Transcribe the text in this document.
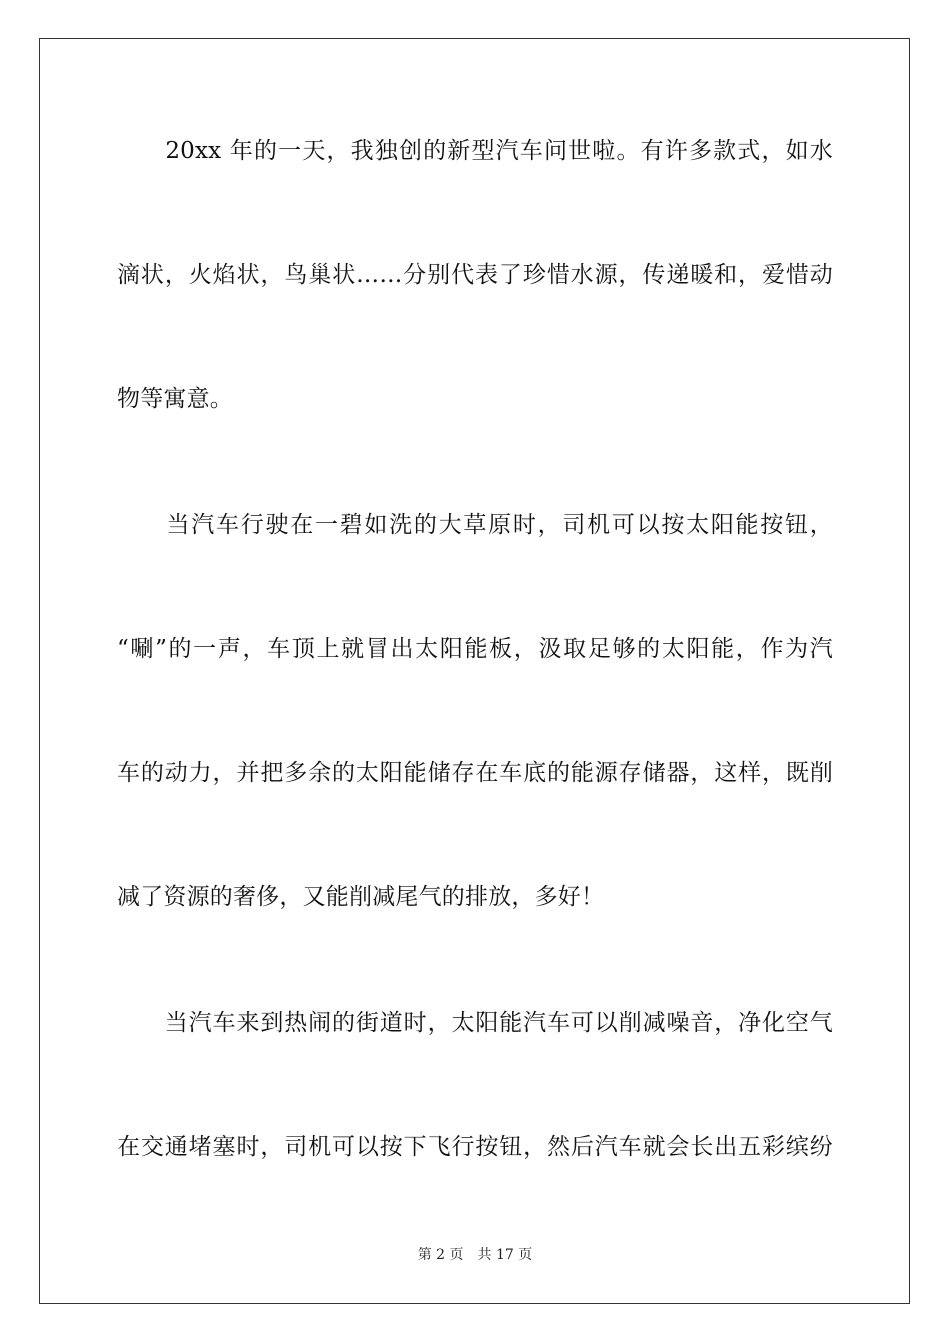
　　20xx 年的一天，我独创的新型汽车问世啦。有许多款式，如水
滴状，火焰状，鸟巢状……分别代表了珍惜水源，传递暖和，爱惜动
物等寓意。
　　当汽车行驶在一碧如洗的大草原时，司机可以按太阳能按钮，
“唰”的一声，车顶上就冒出太阳能板，汲取足够的太阳能，作为汽
车的动力，并把多余的太阳能储存在车底的能源存储器，这样，既削
减了资源的奢侈，又能削减尾气的排放，多好！
　　当汽车来到热闹的街道时，太阳能汽车可以削减噪音，净化空气
在交通堵塞时，司机可以按下飞行按钮，然后汽车就会长出五彩缤纷
第 2 页 共 17 页
